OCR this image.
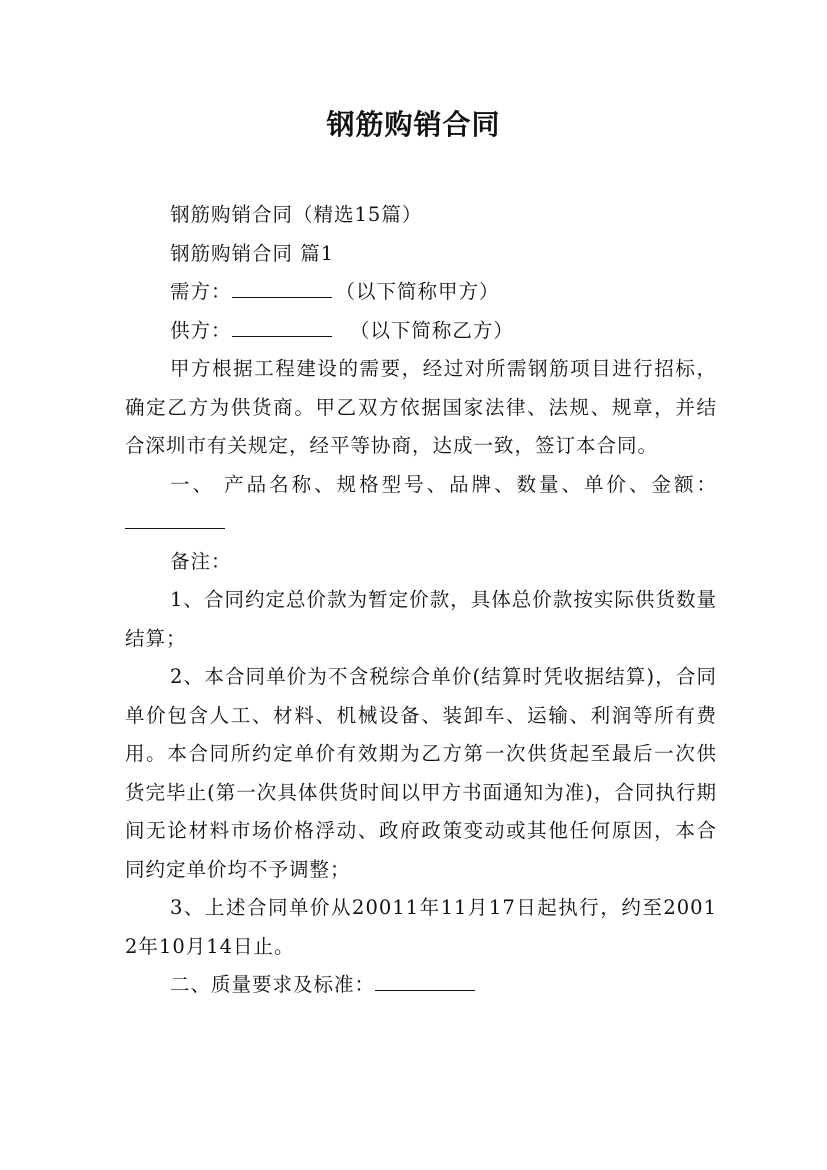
钢筋购销合同

钢筋购销合同（精选15篇）

钢筋购销合同 篇1

需方：	（以下简称甲方）

供方：	（以下简称乙方）

甲方根据工程建设的需要，经过对所需钢筋项目进行招标，确定乙方为供货商。甲乙双方依据国家法律、法规、规章，并结合深圳市有关规定，经平等协商，达成一致，签订本合同。

一、 产品名称、规格型号、品牌、数量、单价、金额：

备注：

1、合同约定总价款为暂定价款，具体总价款按实际供货数量结算；

2、本合同单价为不含税综合单价(结算时凭收据结算)，合同单价包含人工、材料、机械设备、装卸车、运输、利润等所有费用。本合同所约定单价有效期为乙方第一次供货起至最后一次供货完毕止(第一次具体供货时间以甲方书面通知为准)，合同执行期间无论材料市场价格浮动、政府政策变动或其他任何原因，本合同约定单价均不予调整；

3、上述合同单价从20011年11月17日起执行，约至20012年10月14日止。

二、质量要求及标准：
